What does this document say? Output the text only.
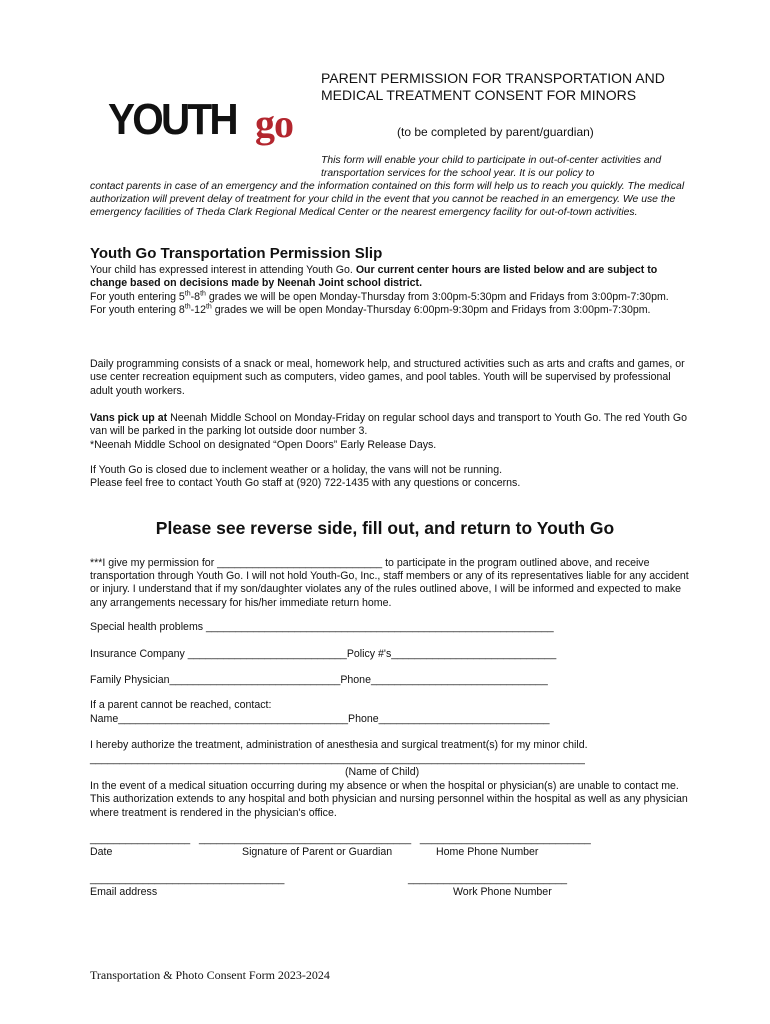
YOUTH go
PARENT PERMISSION FOR TRANSPORTATION AND MEDICAL TREATMENT CONSENT FOR MINORS
(to be completed by parent/guardian)
This form will enable your child to participate in out-of-center activities and transportation services for the school year. It is our policy to
contact parents in case of an emergency and the information contained on this form will help us to reach you quickly. The medical authorization will prevent delay of treatment for your child in the event that you cannot be reached in an emergency. We use the emergency facilities of Theda Clark Regional Medical Center or the nearest emergency facility for out-of-town activities.
Youth Go Transportation Permission Slip
Your child has expressed interest in attending Youth Go. Our current center hours are listed below and are subject to change based on decisions made by Neenah Joint school district.
For youth entering 5th-8th grades we will be open Monday-Thursday from 3:00pm-5:30pm and Fridays from 3:00pm-7:30pm.
For youth entering 8th-12th grades we will be open Monday-Thursday 6:00pm-9:30pm and Fridays from 3:00pm-7:30pm.
Daily programming consists of a snack or meal, homework help, and structured activities such as arts and crafts and games, or use center recreation equipment such as computers, video games, and pool tables. Youth will be supervised by professional adult youth workers.
Vans pick up at Neenah Middle School on Monday-Friday on regular school days and transport to Youth Go. The red Youth Go van will be parked in the parking lot outside door number 3.
*Neenah Middle School on designated “Open Doors” Early Release Days.
If Youth Go is closed due to inclement weather or a holiday, the vans will not be running.
Please feel free to contact Youth Go staff at (920) 722-1435 with any questions or concerns.
Please see reverse side, fill out, and return to Youth Go
***I give my permission for ____________________________ to participate in the program outlined above, and receive transportation through Youth Go. I will not hold Youth-Go, Inc., staff members or any of its representatives liable for any accident or injury. I understand that if my son/daughter violates any of the rules outlined above, I will be informed and expected to make any arrangements necessary for his/her immediate return home.
Special health problems ___________________________________________________________
Insurance Company ___________________________Policy #'s____________________________
Family Physician_____________________________Phone______________________________
If a parent cannot be reached, contact:
Name_______________________________________Phone_____________________________
I hereby authorize the treatment, administration of anesthesia and surgical treatment(s) for my minor child.
____________________________________________________________________________________
(Name of Child)
In the event of a medical situation occurring during my absence or when the hospital or physician(s) are unable to contact me. This authorization extends to any hospital and both physician and nursing personnel within the hospital as well as any physician where treatment is rendered in the physician's office.
_________________   ____________________________________   _____________________________
Date	Signature of Parent or Guardian	Home Phone Number
_________________________________	___________________________
Email address	Work Phone Number
Transportation & Photo Consent Form 2023-2024
